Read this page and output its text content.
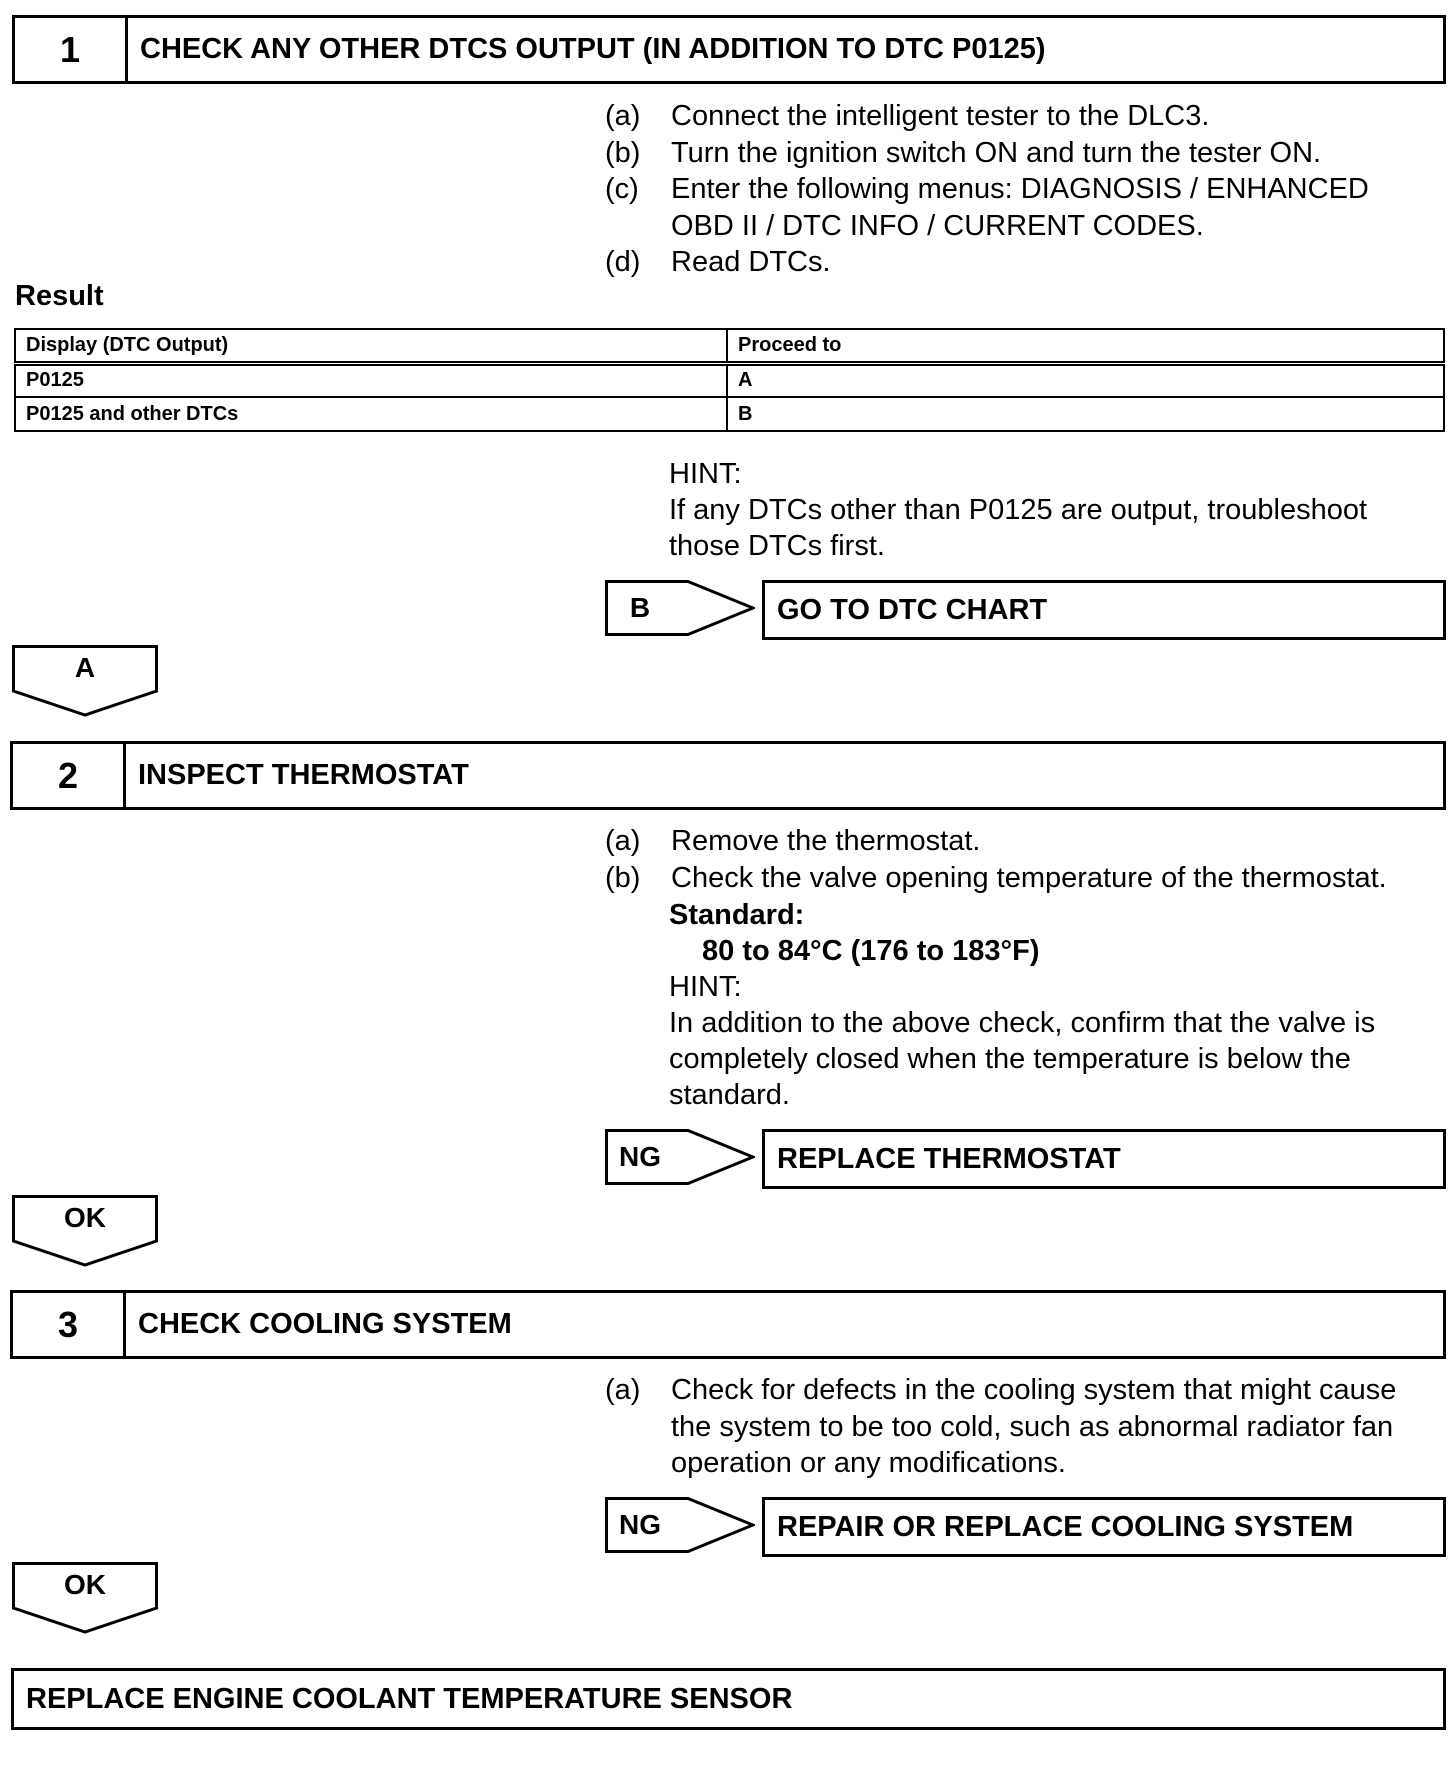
1	CHECK ANY OTHER DTCS OUTPUT (IN ADDITION TO DTC P0125)
(a)	Connect the intelligent tester to the DLC3.
(b)	Turn the ignition switch ON and turn the tester ON.
(c)	Enter the following menus: DIAGNOSIS / ENHANCED
OBD II / DTC INFO / CURRENT CODES.
(d)	Read DTCs.
Result
Display (DTC Output)	Proceed to
P0125	A
P0125 and other DTCs	B
HINT:
If any DTCs other than P0125 are output, troubleshoot
those DTCs first.
B	GO TO DTC CHART
A
2	INSPECT THERMOSTAT
(a)	Remove the thermostat.
(b)	Check the valve opening temperature of the thermostat.
Standard:
80 to 84°C (176 to 183°F)
HINT:
In addition to the above check, confirm that the valve is
completely closed when the temperature is below the
standard.
NG	REPLACE THERMOSTAT
OK
3	CHECK COOLING SYSTEM
(a)	Check for defects in the cooling system that might cause
the system to be too cold, such as abnormal radiator fan
operation or any modifications.
NG	REPAIR OR REPLACE COOLING SYSTEM
OK
REPLACE ENGINE COOLANT TEMPERATURE SENSOR
